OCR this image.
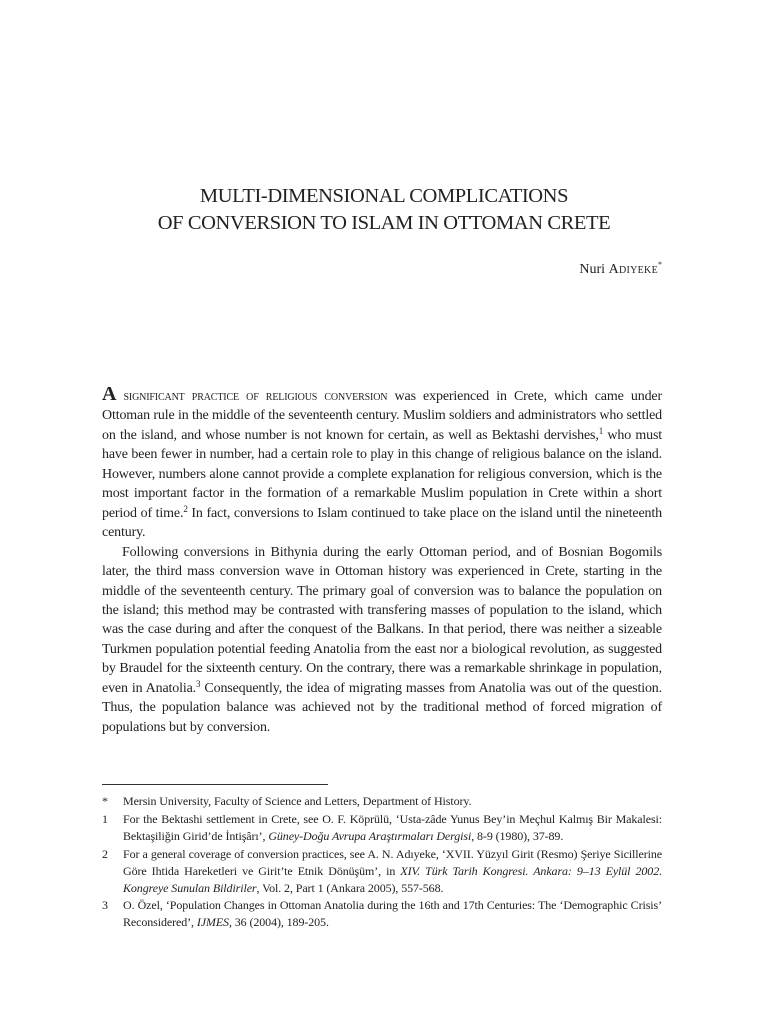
MULTI-DIMENSIONAL COMPLICATIONS
OF CONVERSION TO ISLAM IN OTTOMAN CRETE
Nuri Adiyeke*

A significant practice of religious conversion was experienced in Crete, which came under Ottoman rule in the middle of the seventeenth century. Muslim soldiers and administrators who settled on the island, and whose number is not known for certain, as well as Bektashi dervishes,$^1$ who must have been fewer in number, had a certain role to play in this change of religious balance on the island. However, numbers alone cannot provide a complete explanation for religious conversion, which is the most important factor in the formation of a remarkable Muslim population in Crete within a short period of time.$^2$ In fact, conversions to Islam continued to take place on the island until the nineteenth century.

Following conversions in Bithynia during the early Ottoman period, and of Bosnian Bogomils later, the third mass conversion wave in Ottoman history was experienced in Crete, starting in the middle of the seventeenth century. The primary goal of conversion was to balance the population on the island; this method may be contrasted with transfering masses of population to the island, which was the case during and after the conquest of the Balkans. In that period, there was neither a sizeable Turkmen population potential feeding Anatolia from the east nor a biological revolution, as suggested by Braudel for the sixteenth century. On the contrary, there was a remarkable shrinkage in population, even in Anatolia.$^3$ Consequently, the idea of migrating masses from Anatolia was out of the question. Thus, the population balance was achieved not by the traditional method of forced migration of populations but by conversion.

*	Mersin University, Faculty of Science and Letters, Department of History.
1	For the Bektashi settlement in Crete, see O. F. Köprülü, ‘Usta-zâde Yunus Bey’in Meçhul Kalmış Bir Makalesi: Bektaşiliğin Girid’de İntişârı’, Güney-Doğu Avrupa Araştırmaları Dergisi, 8-9 (1980), 37-89.
2	For a general coverage of conversion practices, see A. N. Adıyeke, ‘XVII. Yüzyıl Girit (Resmo) Şeriye Sicillerine Göre Ihtida Hareketleri ve Girit’te Etnik Dönüşüm’, in XIV. Türk Tarih Kongresi. Ankara: 9–13 Eylül 2002. Kongreye Sunulan Bildiriler, Vol. 2, Part 1 (Ankara 2005), 557-568.
3	O. Özel, ‘Population Changes in Ottoman Anatolia during the 16th and 17th Centuries: The ‘Demographic Crisis’ Reconsidered’, IJMES, 36 (2004), 189-205.
